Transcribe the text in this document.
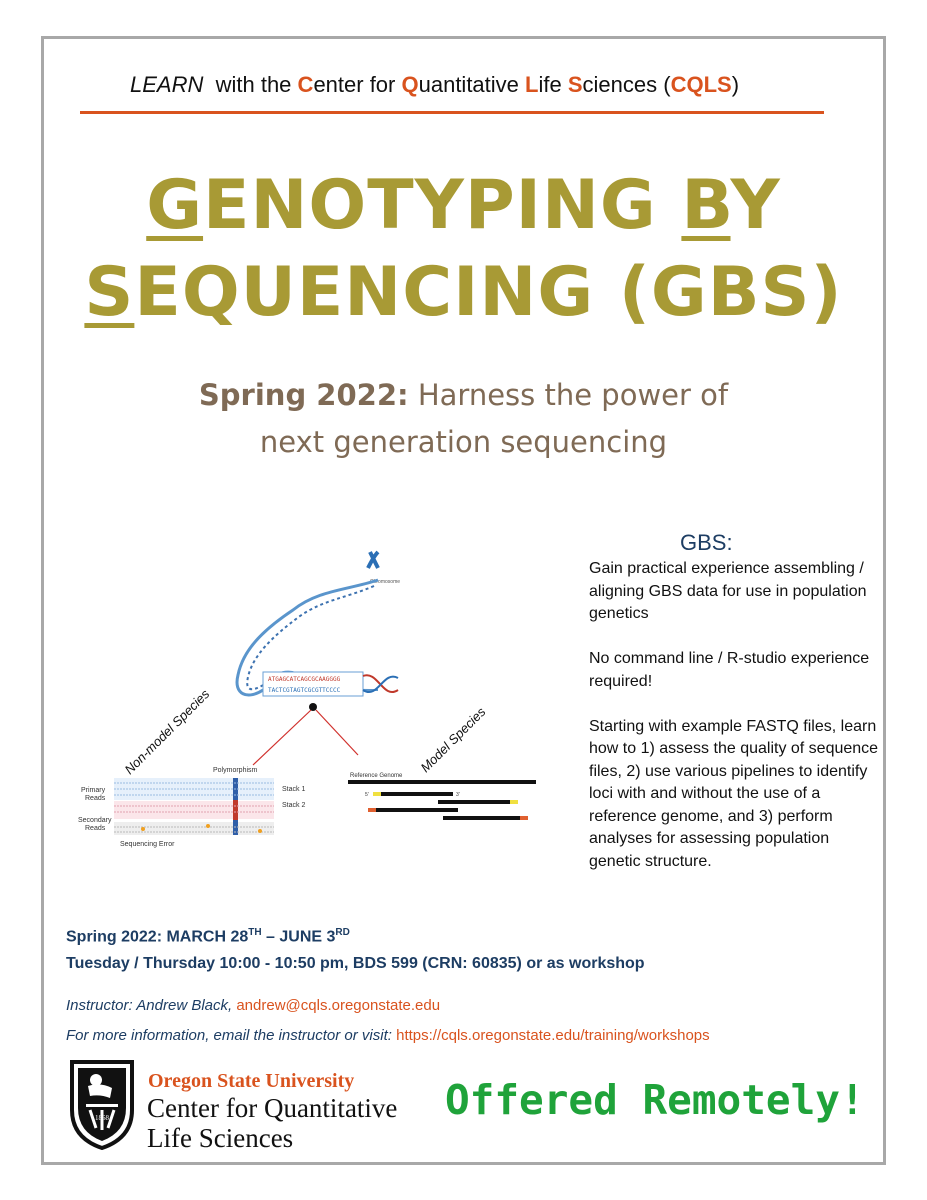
LEARN with the Center for Quantitative Life Sciences (CQLS)
GENOTYPING BY
SEQUENCING (GBS)
Spring 2022: Harness the power of
next generation sequencing
Chromosome
ATGAGCATCAGCGCAAGGGG
TACTCGTAGTCGCGTTCCCC
Non-model Species	Model Species
Polymorphism
Primary
Reads
Secondary
Reads
Stack 1
Stack 2
Sequencing Error
Reference Genome
5'	3'
GBS:

Gain practical experience assembling / aligning GBS data for use in population genetics

No command line / R-studio experience required!

Starting with example FASTQ files, learn how to 1) assess the quality of sequence files, 2) use various pipelines to identify loci with and without the use of a reference genome, and 3) perform analyses for assessing population genetic structure.

Spring 2022: MARCH 28TH – JUNE 3RD
Tuesday / Thursday 10:00 - 10:50 pm, BDS 599 (CRN: 60835) or as workshop
Instructor: Andrew Black, andrew@cqls.oregonstate.edu
For more information, email the instructor or visit: https://cqls.oregonstate.edu/training/workshops
1868
Oregon State University
Center for Quantitative
Life Sciences
Offered Remotely!
